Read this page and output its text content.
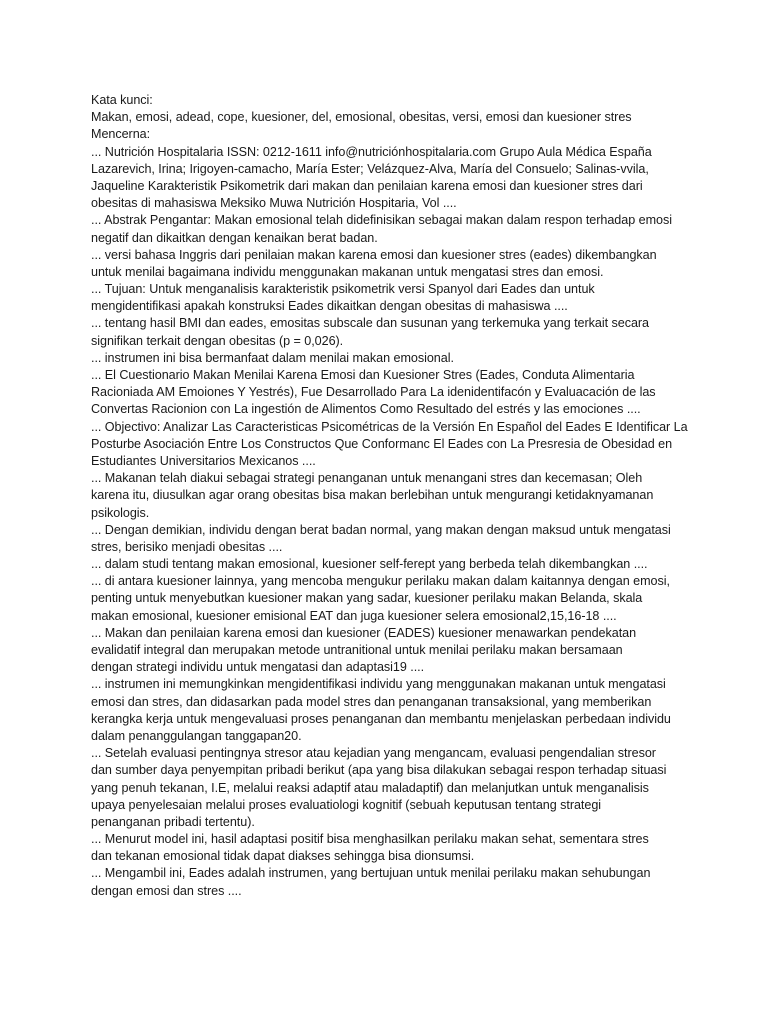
Kata kunci:
Makan, emosi, adead, cope, kuesioner, del, emosional, obesitas, versi, emosi dan kuesioner stres
Mencerna:
... Nutrición Hospitalaria ISSN: 0212-1611 info@nutriciónhospitalaria.com Grupo Aula Médica España
Lazarevich, Irina; Irigoyen-camacho, María Ester; Velázquez-Alva, María del Consuelo; Salinas-vvila,
Jaqueline Karakteristik Psikometrik dari makan dan penilaian karena emosi dan kuesioner stres dari
obesitas di mahasiswa Meksiko Muwa Nutrición Hospitaria, Vol ....
... Abstrak Pengantar: Makan emosional telah didefinisikan sebagai makan dalam respon terhadap emosi
negatif dan dikaitkan dengan kenaikan berat badan.
... versi bahasa Inggris dari penilaian makan karena emosi dan kuesioner stres (eades) dikembangkan
untuk menilai bagaimana individu menggunakan makanan untuk mengatasi stres dan emosi.
... Tujuan: Untuk menganalisis karakteristik psikometrik versi Spanyol dari Eades dan untuk
mengidentifikasi apakah konstruksi Eades dikaitkan dengan obesitas di mahasiswa ....
... tentang hasil BMI dan eades, emositas subscale dan susunan yang terkemuka yang terkait secara
signifikan terkait dengan obesitas (p = 0,026).
... instrumen ini bisa bermanfaat dalam menilai makan emosional.
... El Cuestionario Makan Menilai Karena Emosi dan Kuesioner Stres (Eades, Conduta Alimentaria
Racioniada AM Emoiones Y Yestrés), Fue Desarrollado Para La idenidentifacón y Evaluacación de las
Convertas Racionion con La ingestión de Alimentos Como Resultado del estrés y las emociones ....
... Objectivo: Analizar Las Caracteristicas Psicométricas de la Versión En Español del Eades E Identificar La
Posturbe Asociación Entre Los Constructos Que Conformanc El Eades con La Presresia de Obesidad en
Estudiantes Universitarios Mexicanos ....
... Makanan telah diakui sebagai strategi penanganan untuk menangani stres dan kecemasan; Oleh
karena itu, diusulkan agar orang obesitas bisa makan berlebihan untuk mengurangi ketidaknyamanan
psikologis.
... Dengan demikian, individu dengan berat badan normal, yang makan dengan maksud untuk mengatasi
stres, berisiko menjadi obesitas ....
... dalam studi tentang makan emosional, kuesioner self-ferept yang berbeda telah dikembangkan ....
... di antara kuesioner lainnya, yang mencoba mengukur perilaku makan dalam kaitannya dengan emosi,
penting untuk menyebutkan kuesioner makan yang sadar, kuesioner perilaku makan Belanda, skala
makan emosional, kuesioner emisional EAT dan juga kuesioner selera emosional2,15,16-18 ....
... Makan dan penilaian karena emosi dan kuesioner (EADES) kuesioner menawarkan pendekatan
evalidatif integral dan merupakan metode untranitional untuk menilai perilaku makan bersamaan
dengan strategi individu untuk mengatasi dan adaptasi19 ....
... instrumen ini memungkinkan mengidentifikasi individu yang menggunakan makanan untuk mengatasi
emosi dan stres, dan didasarkan pada model stres dan penanganan transaksional, yang memberikan
kerangka kerja untuk mengevaluasi proses penanganan dan membantu menjelaskan perbedaan individu
dalam penanggulangan tanggapan20.
... Setelah evaluasi pentingnya stresor atau kejadian yang mengancam, evaluasi pengendalian stresor
dan sumber daya penyempitan pribadi berikut (apa yang bisa dilakukan sebagai respon terhadap situasi
yang penuh tekanan, I.E, melalui reaksi adaptif atau maladaptif) dan melanjutkan untuk menganalisis
upaya penyelesaian melalui proses evaluatiologi kognitif (sebuah keputusan tentang strategi
penanganan pribadi tertentu).
... Menurut model ini, hasil adaptasi positif bisa menghasilkan perilaku makan sehat, sementara stres
dan tekanan emosional tidak dapat diakses sehingga bisa dionsumsi.
... Mengambil ini, Eades adalah instrumen, yang bertujuan untuk menilai perilaku makan sehubungan
dengan emosi dan stres ....
